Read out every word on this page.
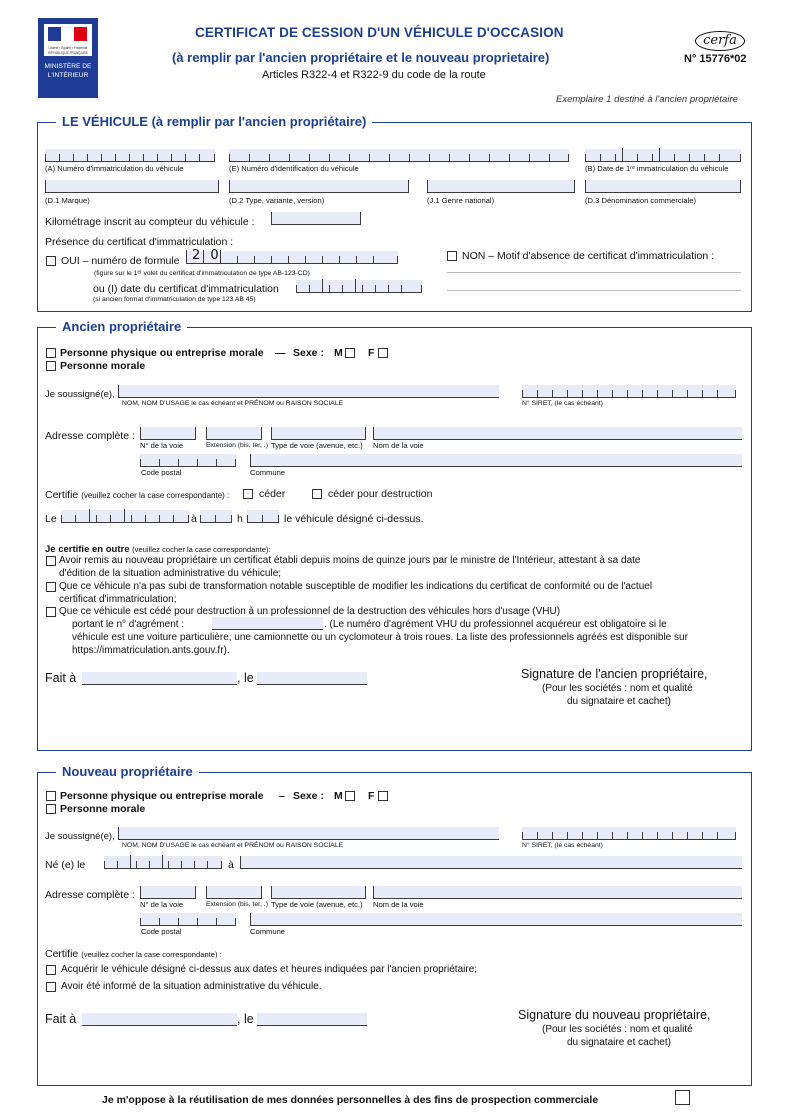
Liberté • Égalité • Fraternité
RÉPUBLIQUE FRANÇAISE
MINISTÈRE DE L'INTÉRIEUR
CERTIFICAT DE CESSION D'UN VÉHICULE D'OCCASION
(à remplir par l'ancien propriétaire et le nouveau proprietaire)
Articles R322-4 et R322-9 du code de la route
cerfa
N° 15776*02
Exemplaire 1 destiné à l'ancien propriétaire
LE VÉHICULE (à remplir par l'ancien propriétaire)
(A) Numéro d'immatriculation du véhicule	(E) Numéro d'identification du véhicule	(B) Date de 1ʳᵉ immatriculation du véhicule
(D.1 Marque)	(D.2 Type, variante, version)	(J.1 Genre national)	(D.3 Dénomination commerciale)
Kilométrage inscrit au compteur du véhicule :
Présence du certificat d'immatriculation :
OUI – numéro de formule 2 0
(figure sur le 1ᵉʳ volet du certificat d'immatriculation de type AB-123-CD)
ou (I) date du certificat d'immatriculation
(si ancien format d'immatriculation de type 123 AB 45)
NON – Motif d'absence de certificat d'immatriculation :
Ancien propriétaire
Personne physique ou entreprise morale — Sexe : M F
Personne morale
Je soussigné(e),
NOM, NOM D'USAGE le cas échéant et PRÉNOM ou RAISON SOCIALE	N° SIRET, (le cas échéant)
Adresse complète :
N° de la voie	Extension (bis, ter, .) Type de voie (avenue, etc.) Nom de la voie
Code postal	Commune
Certifie (veuillez cocher la case correspondante) :	céder	céder pour destruction
Le	à	h	le véhicule désigné ci-dessus.
Je certifie en outre (veuillez cocher la case correspondante):
Avoir remis au nouveau propriétaire un certificat établi depuis moins de quinze jours par le ministre de l'Intérieur, attestant à sa date
d'édition de la situation administrative du véhicule;
Que ce véhicule n'a pas subi de transformation notable susceptible de modifier les indications du certificat de conformité ou de l'actuel
certificat d'immatriculation;
Que ce véhicule est cédé pour destruction à un professionnel de la destruction des véhicules hors d'usage (VHU)
portant le n° d'agrément :	. (Le numéro d'agrément VHU du professionnel acquéreur est obligatoire si le
véhicule est une voiture particulière, une camionnette ou un cyclomoteur à trois roues. La liste des professionnels agréés est disponible sur
https://immatriculation.ants.gouv.fr).
Fait à	, le	Signature de l'ancien propriétaire,
(Pour les sociétés : nom et qualité
du signataire et cachet)
Nouveau propriétaire
Personne physique ou entreprise morale – Sexe : M F
Personne morale
Je soussigné(e),
NOM, NOM D'USAGE le cas échéant et PRÉNOM ou RAISON SOCIALE	N° SIRET, (le cas échéant)
Né (e) le	à
Adresse complète :
N° de la voie	Extension (bis, ter, .) Type de voie (avenue, etc.) Nom de la voie
Code postal	Commune
Certifie (veuillez cocher la case correspondante) :
Acquérir le véhicule désigné ci-dessus aux dates et heures indiquées par l'ancien propriétaire;
Avoir été informé de la situation administrative du véhicule.
Fait à	, le	Signature du nouveau propriétaire,
(Pour les sociétés : nom et qualité
du signataire et cachet)
Je m'oppose à la réutilisation de mes données personnelles à des fins de prospection commerciale
